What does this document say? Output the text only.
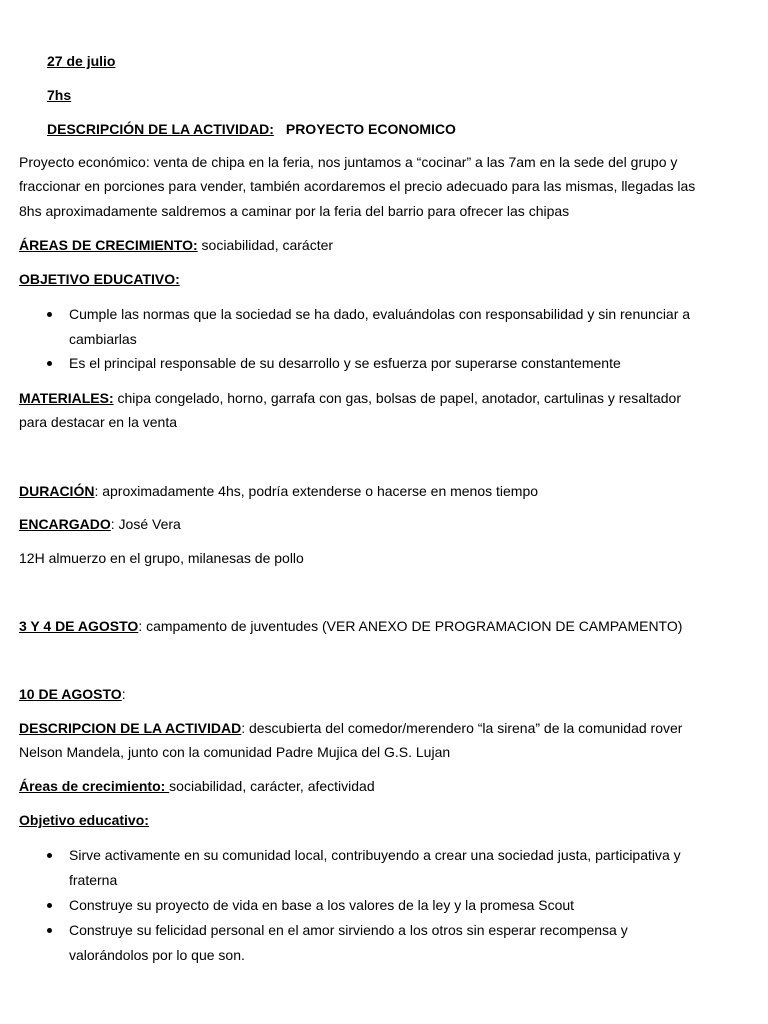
27 de julio
7hs
DESCRIPCIÓN DE LA ACTIVIDAD: PROYECTO ECONOMICO
Proyecto económico: venta de chipa en la feria, nos juntamos a “cocinar” a las 7am en la sede del grupo y
fraccionar en porciones para vender, también acordaremos el precio adecuado para las mismas, llegadas las
8hs aproximadamente saldremos a caminar por la feria del barrio para ofrecer las chipas
ÁREAS DE CRECIMIENTO: sociabilidad, carácter
OBJETIVO EDUCATIVO:
Cumple las normas que la sociedad se ha dado, evaluándolas con responsabilidad y sin renunciar a
cambiarlas
Es el principal responsable de su desarrollo y se esfuerza por superarse constantemente
MATERIALES: chipa congelado, horno, garrafa con gas, bolsas de papel, anotador, cartulinas y resaltador
para destacar en la venta
DURACIÓN: aproximadamente 4hs, podría extenderse o hacerse en menos tiempo
ENCARGADO: José Vera
12H almuerzo en el grupo, milanesas de pollo
3 Y 4 DE AGOSTO: campamento de juventudes (VER ANEXO DE PROGRAMACION DE CAMPAMENTO)
10 DE AGOSTO:
DESCRIPCION DE LA ACTIVIDAD: descubierta del comedor/merendero “la sirena” de la comunidad rover
Nelson Mandela, junto con la comunidad Padre Mujica del G.S. Lujan
Áreas de crecimiento: sociabilidad, carácter, afectividad
Objetivo educativo:
Sirve activamente en su comunidad local, contribuyendo a crear una sociedad justa, participativa y
fraterna
Construye su proyecto de vida en base a los valores de la ley y la promesa Scout
Construye su felicidad personal en el amor sirviendo a los otros sin esperar recompensa y
valorándolos por lo que son.
